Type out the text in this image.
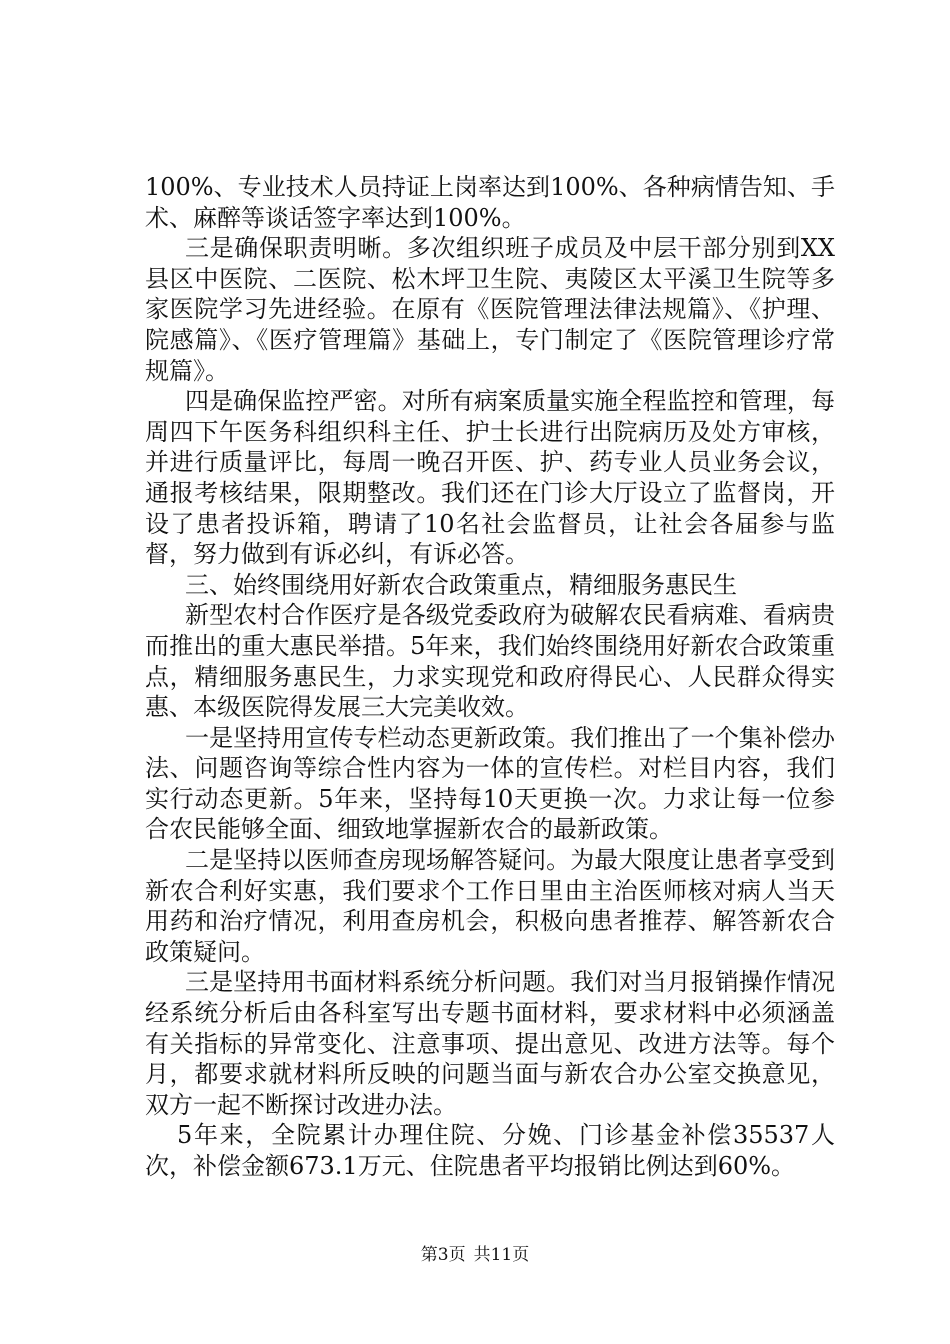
100%、专业技术人员持证上岗率达到100%、各种病情告知、手术、麻醉等谈话签字率达到100%。

三是确保职责明晰。多次组织班子成员及中层干部分别到XX县区中医院、二医院、松木坪卫生院、夷陵区太平溪卫生院等多家医院学习先进经验。在原有《医院管理法律法规篇》、《护理、院感篇》、《医疗管理篇》基础上，专门制定了《医院管理诊疗常规篇》。

四是确保监控严密。对所有病案质量实施全程监控和管理，每周四下午医务科组织科主任、护士长进行出院病历及处方审核，并进行质量评比，每周一晚召开医、护、药专业人员业务会议，通报考核结果，限期整改。我们还在门诊大厅设立了监督岗，开设了患者投诉箱，聘请了10名社会监督员，让社会各届参与监督，努力做到有诉必纠，有诉必答。

三、始终围绕用好新农合政策重点，精细服务惠民生

新型农村合作医疗是各级党委政府为破解农民看病难、看病贵而推出的重大惠民举措。5年来，我们始终围绕用好新农合政策重点，精细服务惠民生，力求实现党和政府得民心、人民群众得实惠、本级医院得发展三大完美收效。

一是坚持用宣传专栏动态更新政策。我们推出了一个集补偿办法、问题咨询等综合性内容为一体的宣传栏。对栏目内容，我们实行动态更新。5年来，坚持每10天更换一次。力求让每一位参合农民能够全面、细致地掌握新农合的最新政策。

二是坚持以医师查房现场解答疑问。为最大限度让患者享受到新农合利好实惠，我们要求个工作日里由主治医师核对病人当天用药和治疗情况，利用查房机会，积极向患者推荐、解答新农合政策疑问。

三是坚持用书面材料系统分析问题。我们对当月报销操作情况经系统分析后由各科室写出专题书面材料，要求材料中必须涵盖有关指标的异常变化、注意事项、提出意见、改进方法等。每个月，都要求就材料所反映的问题当面与新农合办公室交换意见，双方一起不断探讨改进办法。

5年来，全院累计办理住院、分娩、门诊基金补偿35537人次，补偿金额673.1万元、住院患者平均报销比例达到60%。

第3页 共11页
